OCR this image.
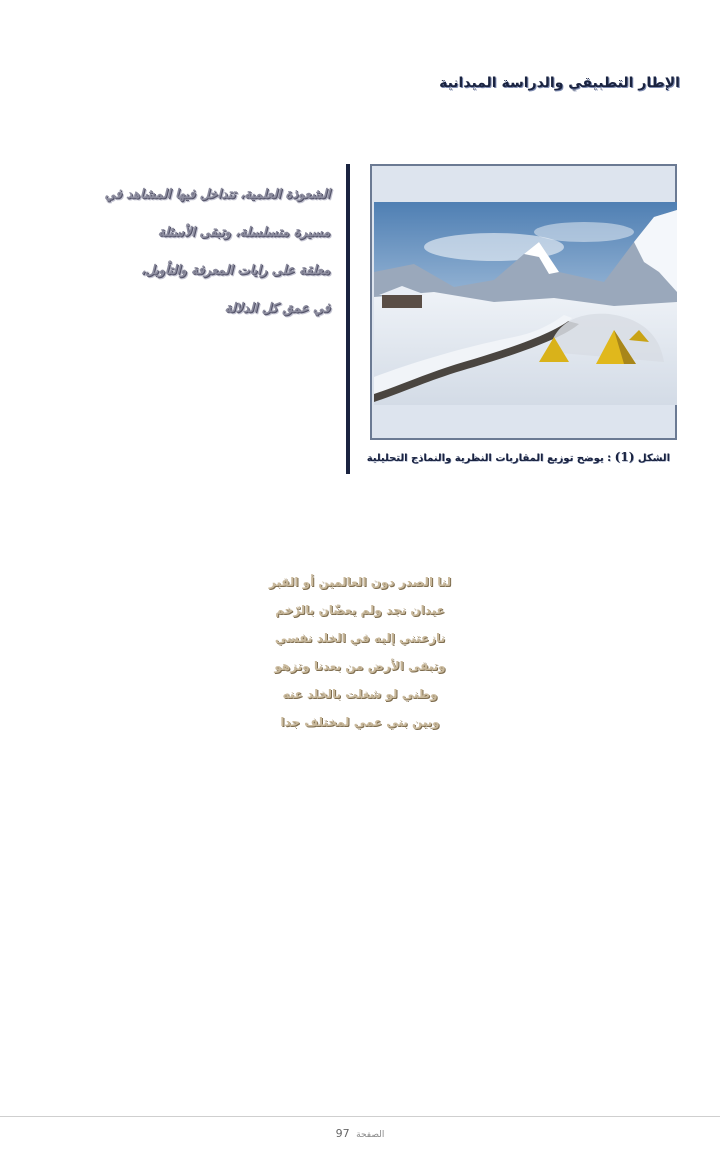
الإطار التطبيقي والدراسة الميدانية

الشكل (1) : يوضح توزيع المقاربات النظرية والنماذج التحليلية

الشعوذة العلمية، تتداخل فيها المشاهد في
مسيرة متسلسلة، وتبقى الأسئلة
معلقة على رايات المعرفة والتأويل،
في عمق كل الدلالة
لنا الصدر دون العالمين أو القبر
عيدان نجد ولم يعضّان بالرّخم
نازعتني إليه في الخلد نفسي
وتبقى الأرض من بعدنا وتزهو
وطني لو شغلت بالخلد عنه
وبين بني عمي لمختلف جدا
الصفحة 97
